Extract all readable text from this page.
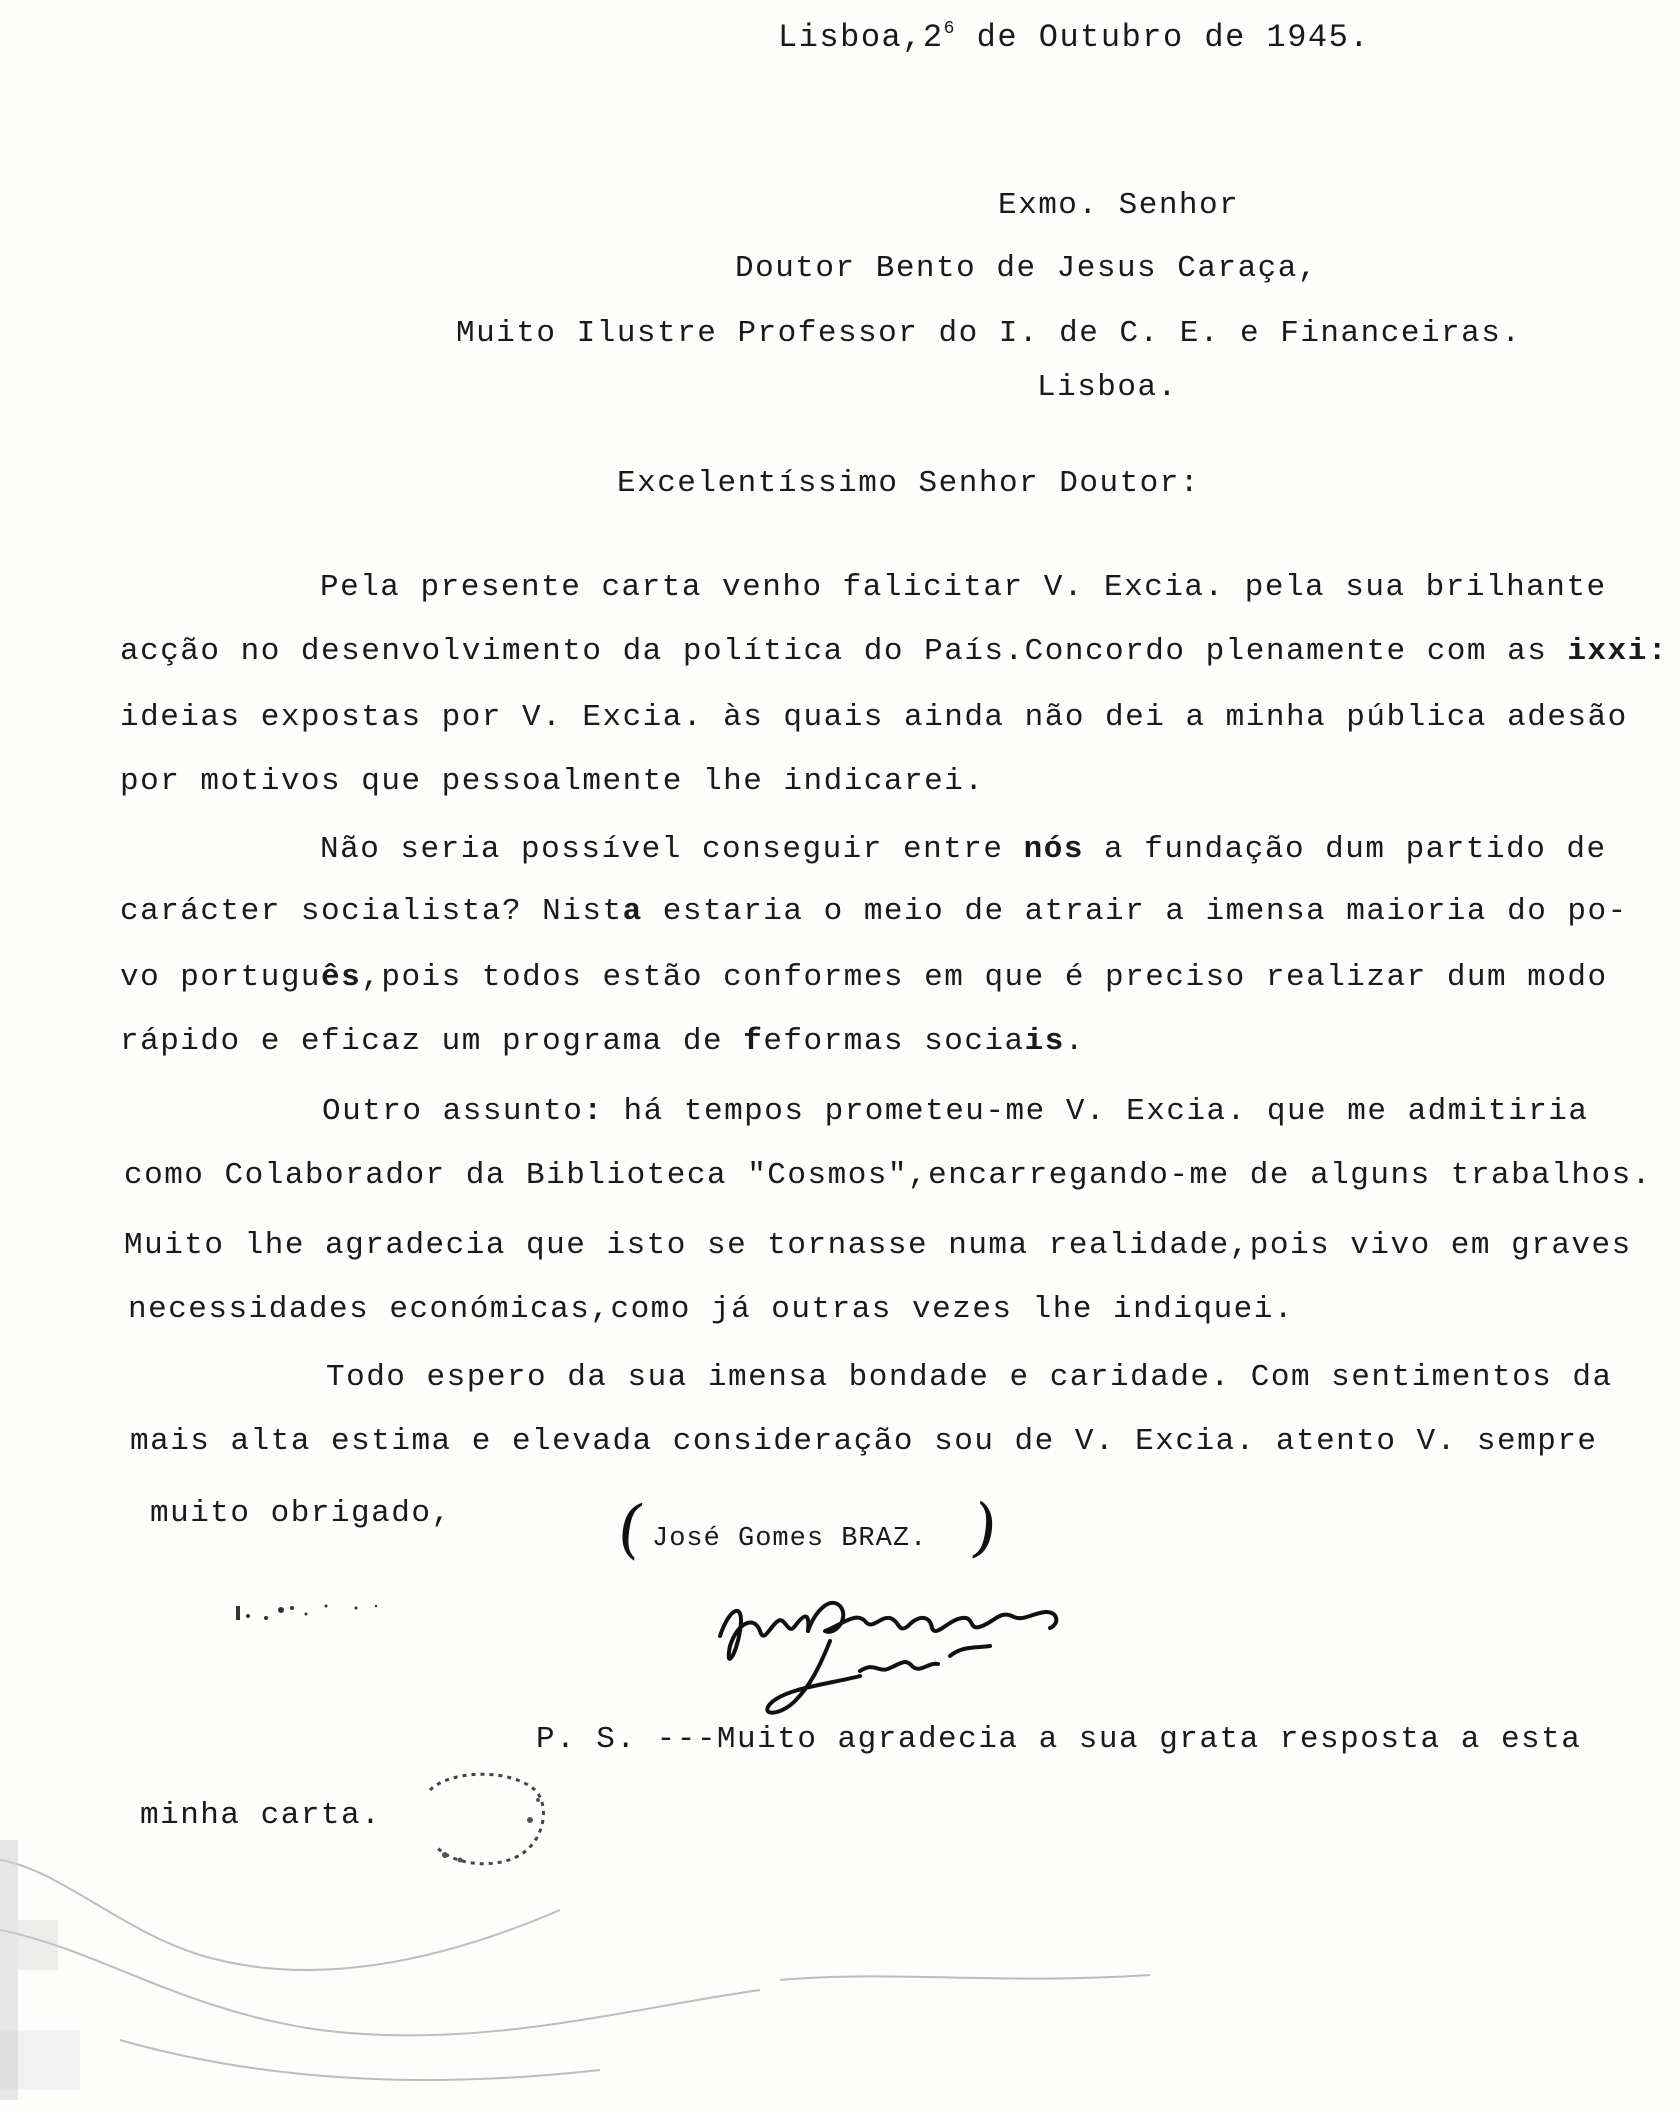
$Lisboa,2^6$ de Outubro de 1945.
Exmo. Senhor
Doutor Bento de Jesus Caraça,
Muito Ilustre Professor do I. de C. E. e Financeiras.
Lisboa.
Excelentíssimo Senhor Doutor:
Pela presente carta venho falicitar V. Excia. pela sua brilhante
acção no desenvolvimento da política do País.Concordo plenamente com as ixxi:
ideias expostas por V. Excia. às quais ainda não dei a minha pública adesão
por motivos que pessoalmente lhe indicarei.
Não seria possível conseguir entre nós a fundação dum partido de
carácter socialista? Nista estaria o meio de atrair a imensa maioria do po-
vo português,pois todos estão conformes em que é preciso realizar dum modo
rápido e eficaz um programa de feformas sociais.
Outro assunto: há tempos prometeu-me V. Excia. que me admitiria
como Colaborador da Biblioteca "Cosmos",encarregando-me de alguns trabalhos.
Muito lhe agradecia que isto se tornasse numa realidade,pois vivo em graves
necessidades económicas,como já outras vezes lhe indiquei.
Todo espero da sua imensa bondade e caridade. Com sentimentos da
mais alta estima e elevada consideração sou de V. Excia. atento V. sempre
muito obrigado,	( José Gomes BRAZ. )
P. S. ---Muito agradecia a sua grata resposta a esta
minha carta.
